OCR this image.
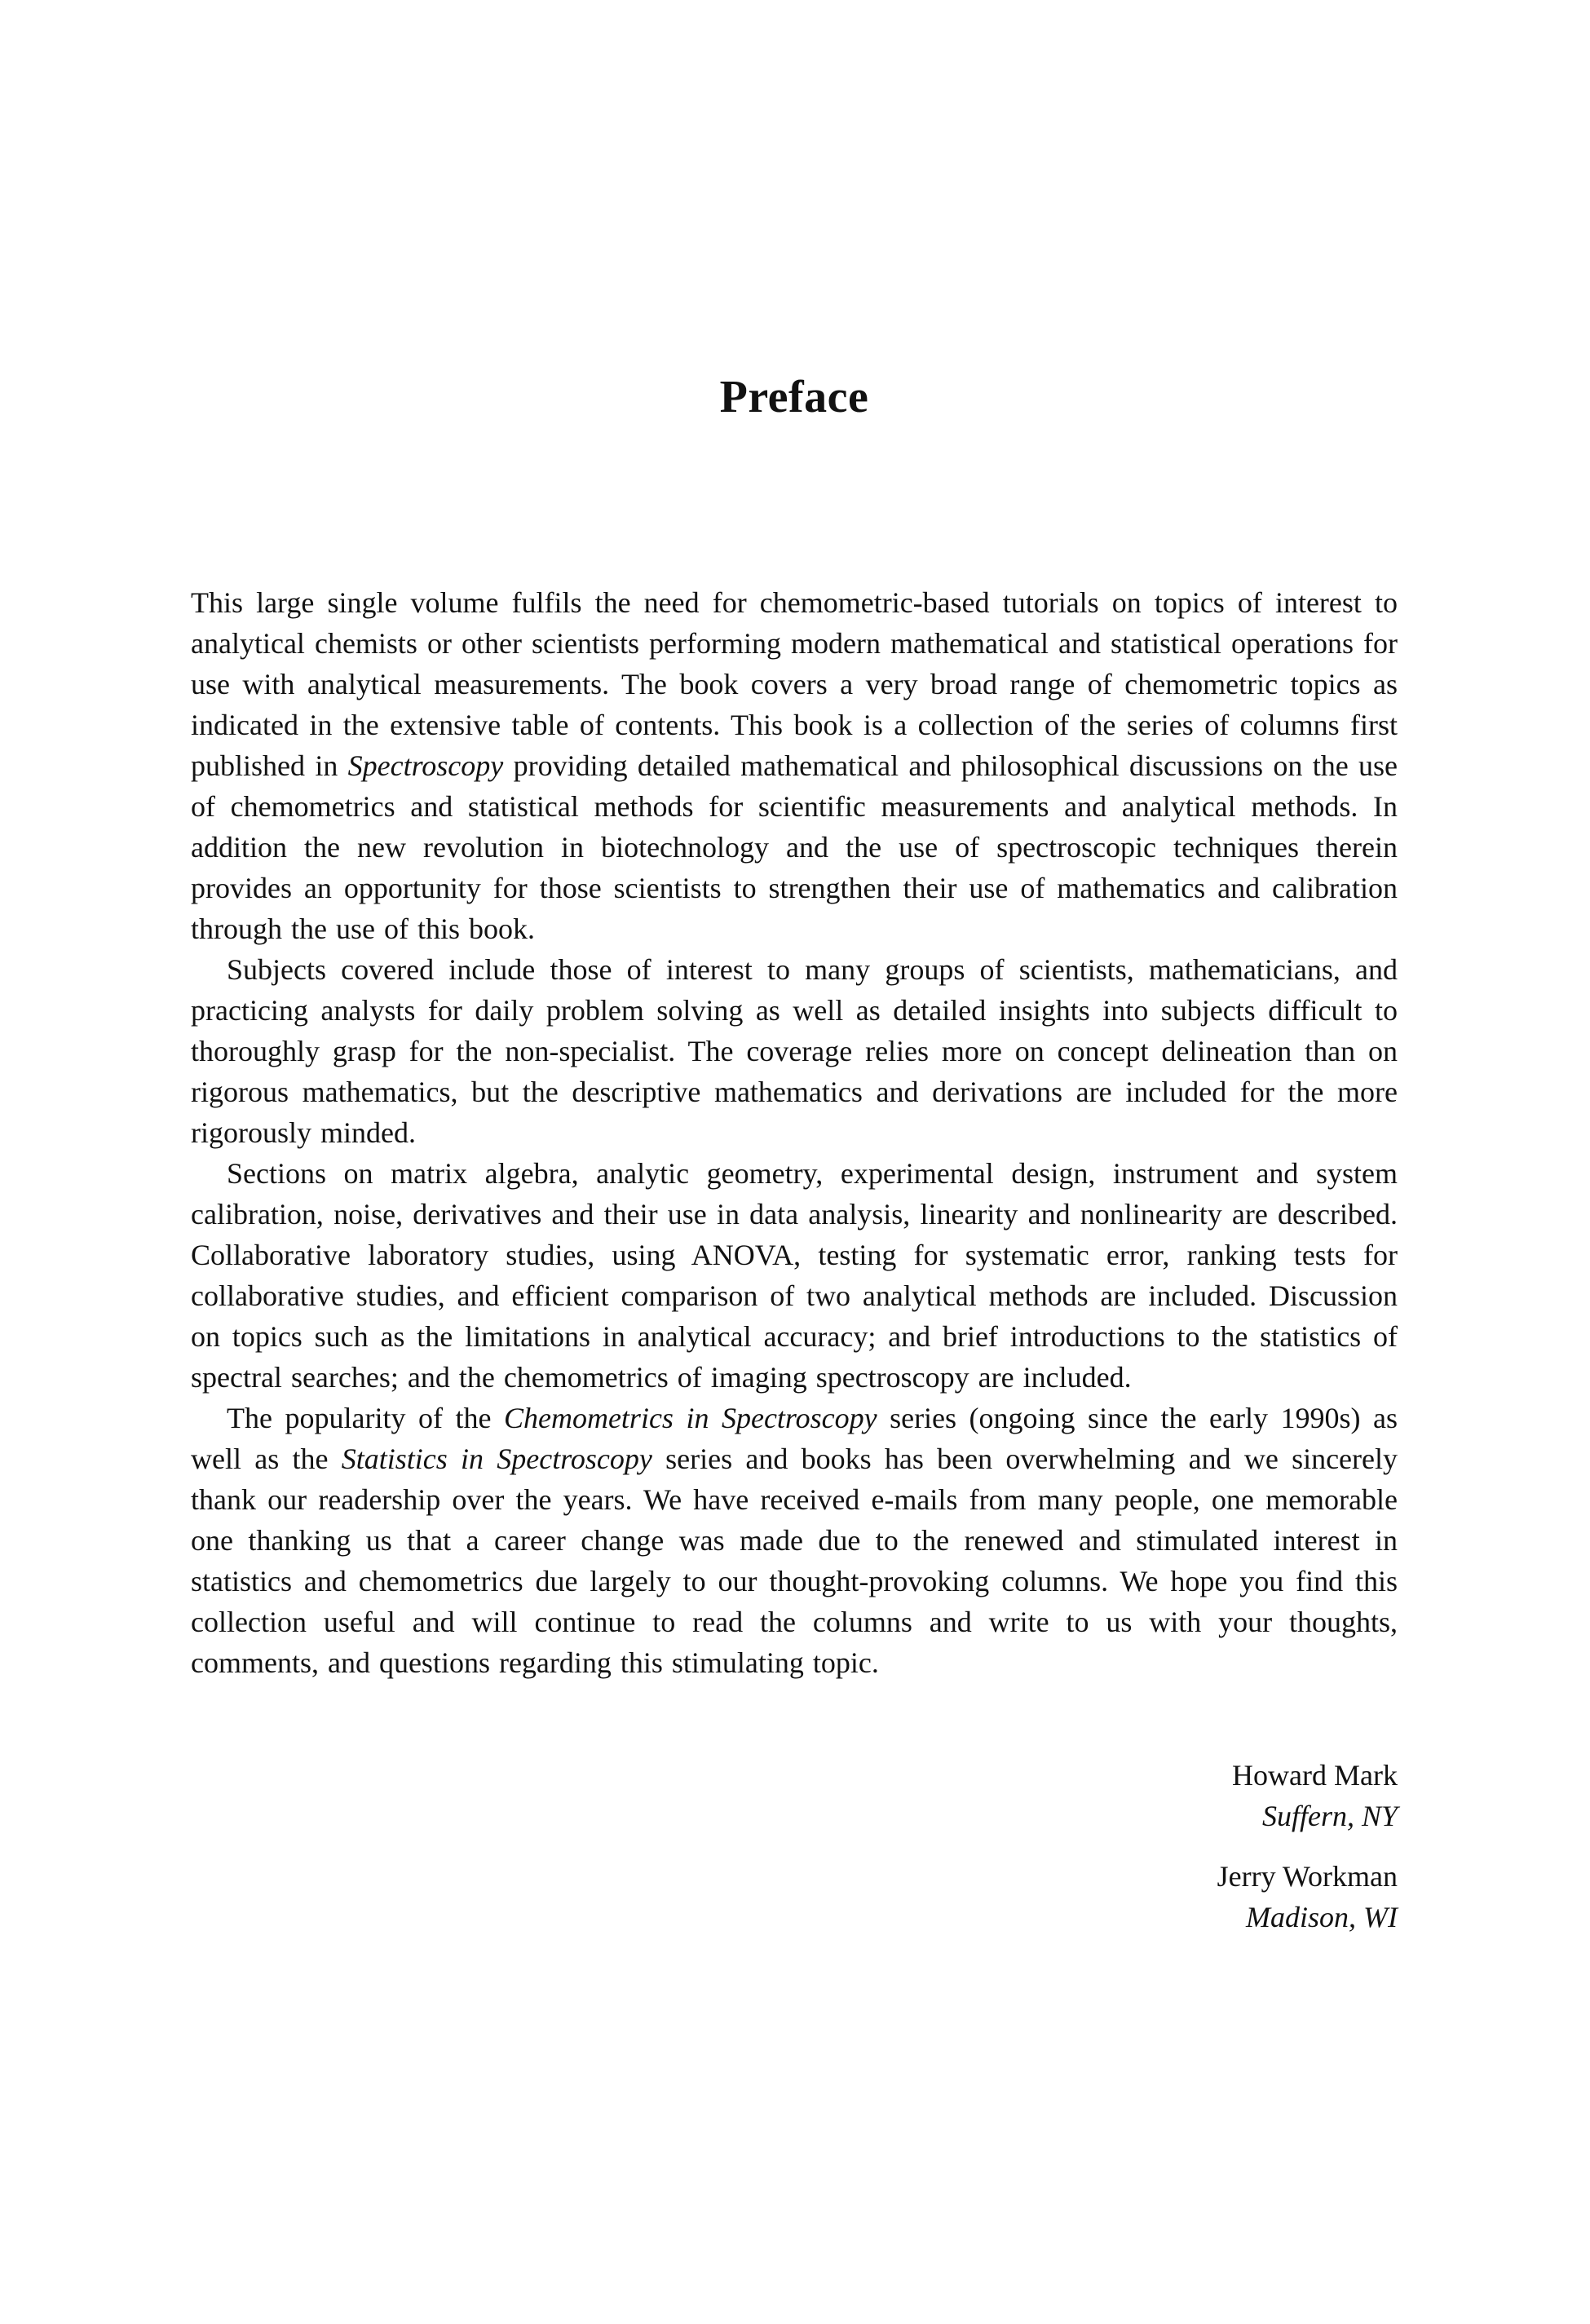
Preface

This large single volume fulfils the need for chemometric-based tutorials on topics of interest to analytical chemists or other scientists performing modern mathematical and statistical operations for use with analytical measurements. The book covers a very broad range of chemometric topics as indicated in the extensive table of contents. This book is a collection of the series of columns first published in Spectroscopy providing detailed mathematical and philosophical discussions on the use of chemometrics and statistical methods for scientific measurements and analytical methods. In addition the new revolution in biotechnology and the use of spectroscopic techniques therein provides an opportunity for those scientists to strengthen their use of mathematics and calibration through the use of this book.

Subjects covered include those of interest to many groups of scientists, mathematicians, and practicing analysts for daily problem solving as well as detailed insights into subjects difficult to thoroughly grasp for the non-specialist. The coverage relies more on concept delineation than on rigorous mathematics, but the descriptive mathematics and derivations are included for the more rigorously minded.

Sections on matrix algebra, analytic geometry, experimental design, instrument and system calibration, noise, derivatives and their use in data analysis, linearity and nonlinearity are described. Collaborative laboratory studies, using ANOVA, testing for systematic error, ranking tests for collaborative studies, and efficient comparison of two analytical methods are included. Discussion on topics such as the limitations in analytical accuracy; and brief introductions to the statistics of spectral searches; and the chemometrics of imaging spectroscopy are included.

The popularity of the Chemometrics in Spectroscopy series (ongoing since the early 1990s) as well as the Statistics in Spectroscopy series and books has been overwhelming and we sincerely thank our readership over the years. We have received e-mails from many people, one memorable one thanking us that a career change was made due to the renewed and stimulated interest in statistics and chemometrics due largely to our thought-provoking columns. We hope you find this collection useful and will continue to read the columns and write to us with your thoughts, comments, and questions regarding this stimulating topic.

Howard Mark
Suffern, NY
Jerry Workman
Madison, WI
